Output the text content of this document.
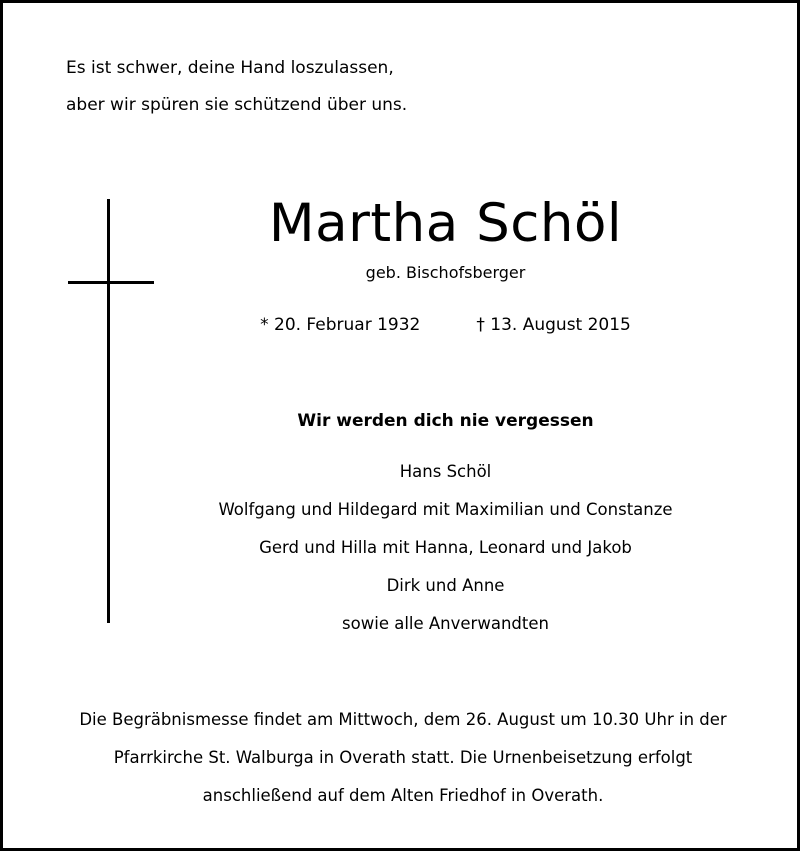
Es ist schwer, deine Hand loszulassen,
aber wir spüren sie schützend über uns.
Martha Schöl
geb. Bischofsberger
* 20. Februar 1932	† 13. August 2015
Wir werden dich nie vergessen
Hans Schöl
Wolfgang und Hildegard mit Maximilian und Constanze
Gerd und Hilla mit Hanna, Leonard und Jakob
Dirk und Anne
sowie alle Anverwandten
Die Begräbnismesse findet am Mittwoch, dem 26. August um 10.30 Uhr in der
Pfarrkirche St. Walburga in Overath statt. Die Urnenbeisetzung erfolgt
anschließend auf dem Alten Friedhof in Overath.
